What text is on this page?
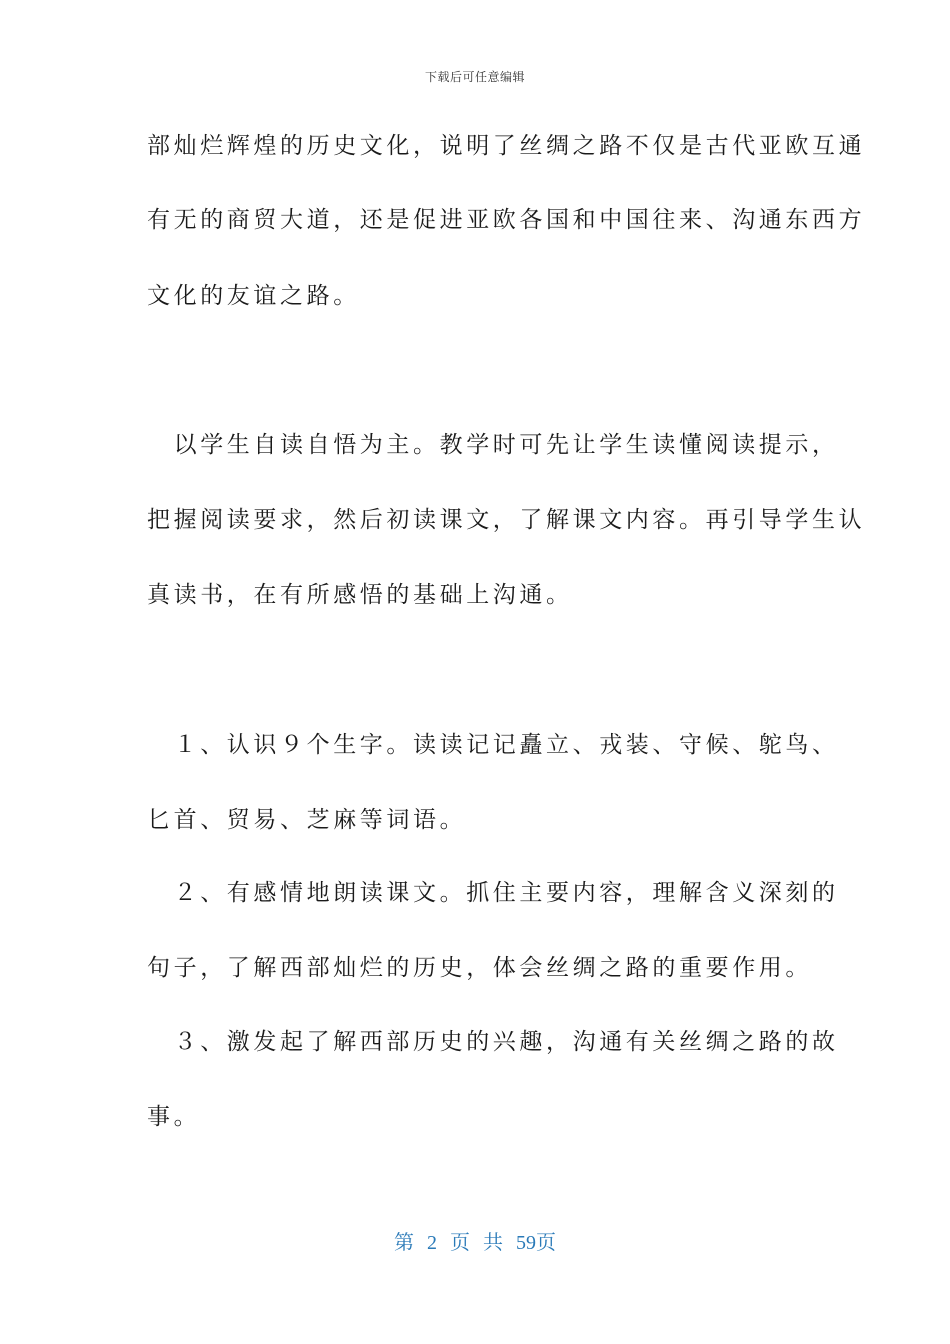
下载后可任意编辑
部灿烂辉煌的历史文化，说明了丝绸之路不仅是古代亚欧互通
有无的商贸大道，还是促进亚欧各国和中国往来、沟通东西方
文化的友谊之路。
　以学生自读自悟为主。教学时可先让学生读懂阅读提示，
把握阅读要求，然后初读课文，了解课文内容。再引导学生认
真读书，在有所感悟的基础上沟通。
　１、认识９个生字。读读记记矗立、戎装、守候、鸵鸟、
匕首、贸易、芝麻等词语。
　２、有感情地朗读课文。抓住主要内容，理解含义深刻的
句子，了解西部灿烂的历史，体会丝绸之路的重要作用。
　３、激发起了解西部历史的兴趣，沟通有关丝绸之路的故
事。
第 2 页 共 59页
